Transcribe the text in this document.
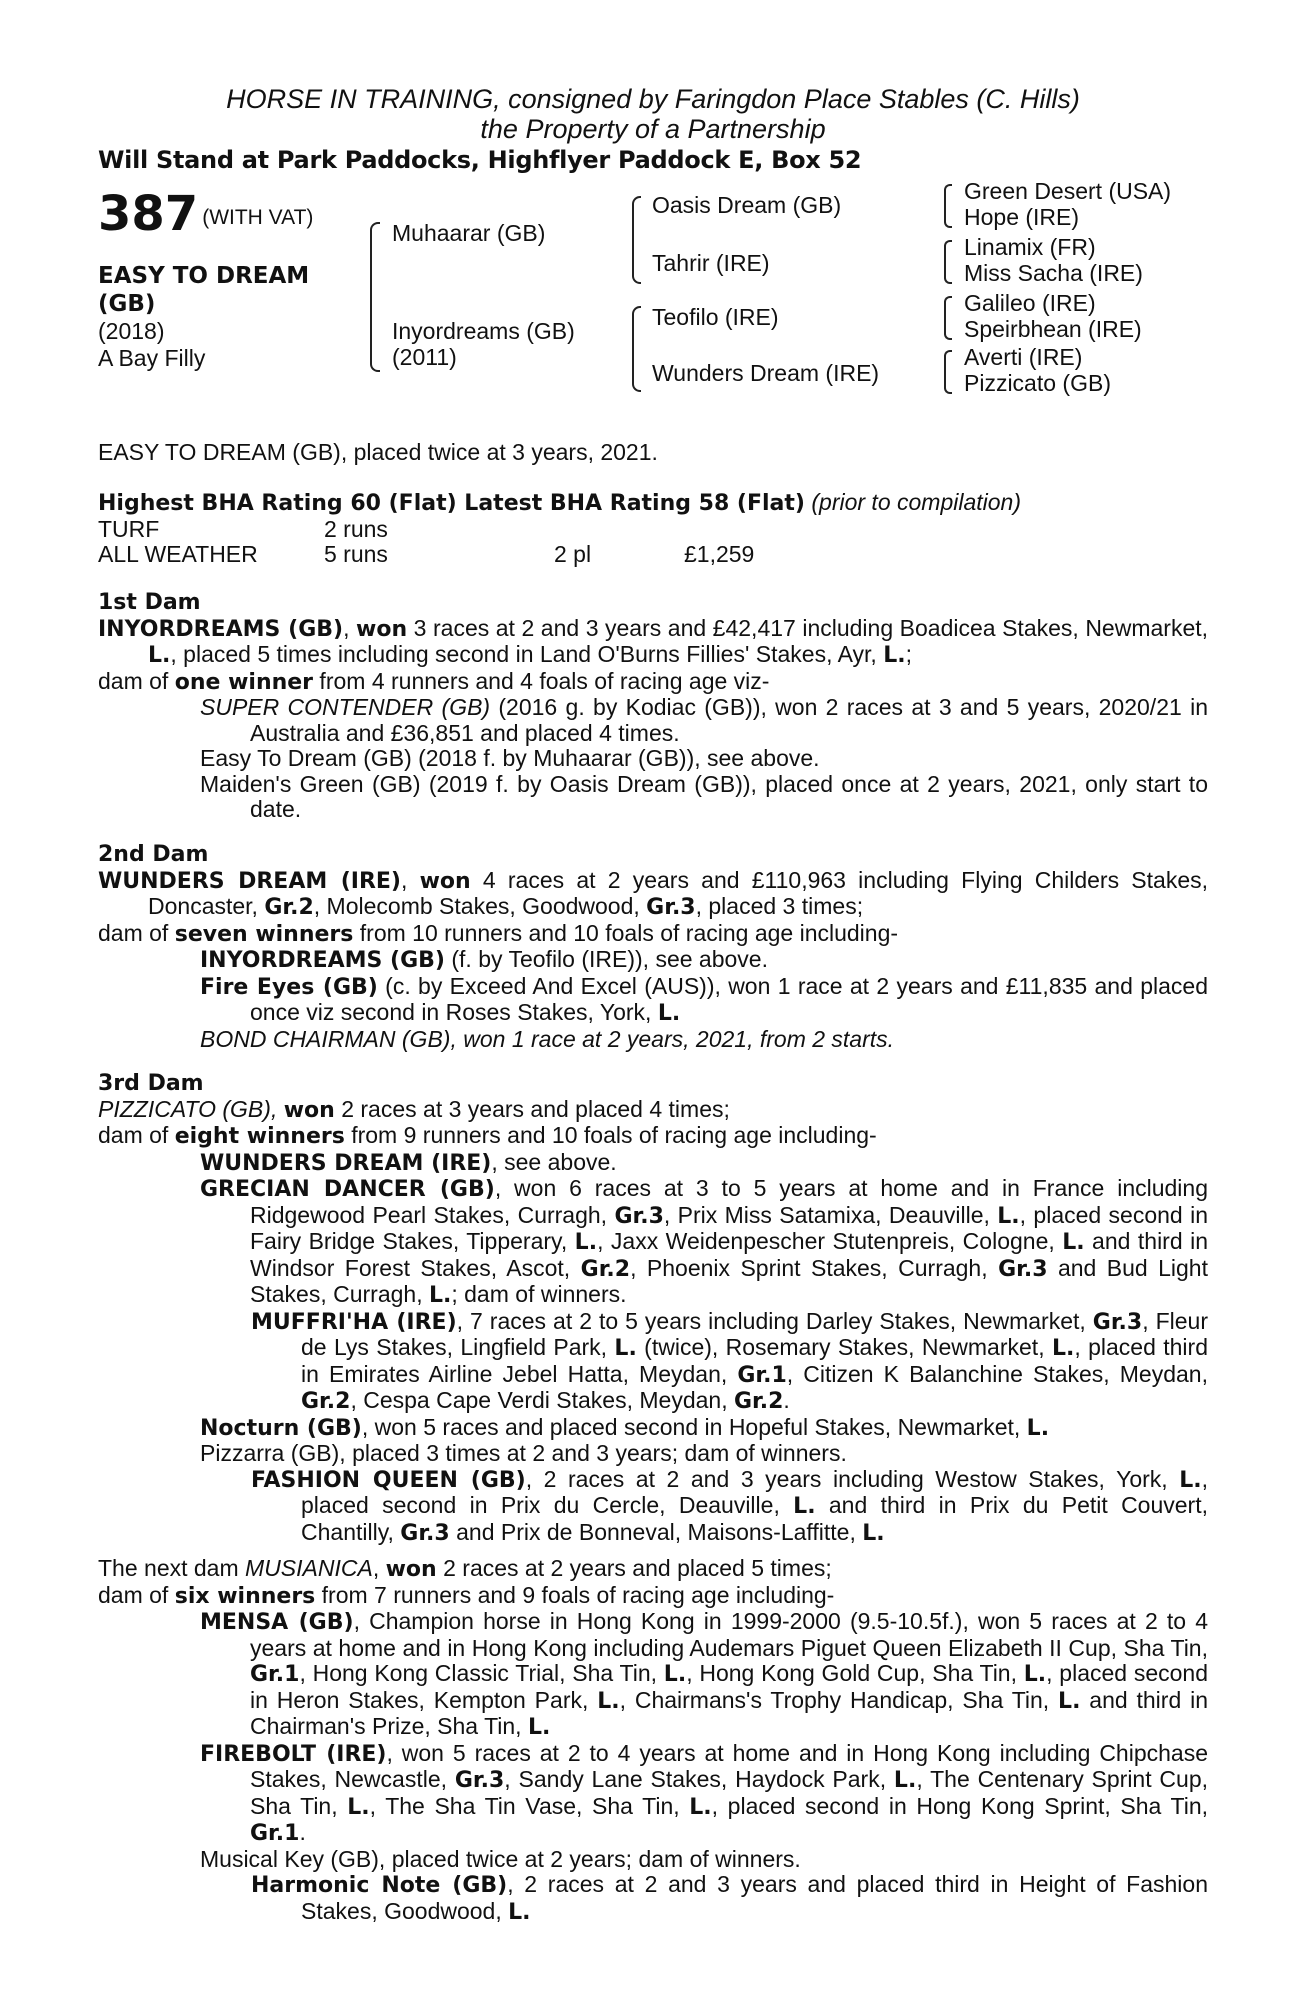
HORSE IN TRAINING, consigned by Faringdon Place Stables (C. Hills)
the Property of a Partnership
Will Stand at Park Paddocks, Highflyer Paddock E, Box 52
387 (WITH VAT)
EASY TO DREAM (GB)
(2018)
A Bay Filly
Muhaarar (GB)
Inyordreams (GB)
(2011)
Oasis Dream (GB)
Tahrir (IRE)
Teofilo (IRE)
Wunders Dream (IRE)
Green Desert (USA)
Hope (IRE)
Linamix (FR)
Miss Sacha (IRE)
Galileo (IRE)
Speirbhean (IRE)
Averti (IRE)
Pizzicato (GB)
EASY TO DREAM (GB), placed twice at 3 years, 2021.

Highest BHA Rating 60 (Flat) Latest BHA Rating 58 (Flat) (prior to compilation)

TURF	2 runs		
ALL WEATHER	5 runs	2 pl	£1,259

1st Dam

INYORDREAMS (GB), won 3 races at 2 and 3 years and £42,417 including Boadicea Stakes, Newmarket, L., placed 5 times including second in Land O'Burns Fillies' Stakes, Ayr, L.;

dam of one winner from 4 runners and 4 foals of racing age viz-

SUPER CONTENDER (GB) (2016 g. by Kodiac (GB)), won 2 races at 3 and 5 years, 2020/21 in Australia and £36,851 and placed 4 times.

Easy To Dream (GB) (2018 f. by Muhaarar (GB)), see above.

Maiden's Green (GB) (2019 f. by Oasis Dream (GB)), placed once at 2 years, 2021, only start to date.

2nd Dam

WUNDERS DREAM (IRE), won 4 races at 2 years and £110,963 including Flying Childers Stakes, Doncaster, Gr.2, Molecomb Stakes, Goodwood, Gr.3, placed 3 times;

dam of seven winners from 10 runners and 10 foals of racing age including-

INYORDREAMS (GB) (f. by Teofilo (IRE)), see above.

Fire Eyes (GB) (c. by Exceed And Excel (AUS)), won 1 race at 2 years and £11,835 and placed once viz second in Roses Stakes, York, L.

BOND CHAIRMAN (GB), won 1 race at 2 years, 2021, from 2 starts.

3rd Dam

PIZZICATO (GB), won 2 races at 3 years and placed 4 times;

dam of eight winners from 9 runners and 10 foals of racing age including-

WUNDERS DREAM (IRE), see above.

GRECIAN DANCER (GB), won 6 races at 3 to 5 years at home and in France including Ridgewood Pearl Stakes, Curragh, Gr.3, Prix Miss Satamixa, Deauville, L., placed second in Fairy Bridge Stakes, Tipperary, L., Jaxx Weidenpescher Stutenpreis, Cologne, L. and third in Windsor Forest Stakes, Ascot, Gr.2, Phoenix Sprint Stakes, Curragh, Gr.3 and Bud Light Stakes, Curragh, L.; dam of winners.

MUFFRI'HA (IRE), 7 races at 2 to 5 years including Darley Stakes, Newmarket, Gr.3, Fleur de Lys Stakes, Lingfield Park, L. (twice), Rosemary Stakes, Newmarket, L., placed third in Emirates Airline Jebel Hatta, Meydan, Gr.1, Citizen K Balanchine Stakes, Meydan, Gr.2, Cespa Cape Verdi Stakes, Meydan, Gr.2.

Nocturn (GB), won 5 races and placed second in Hopeful Stakes, Newmarket, L.

Pizzarra (GB), placed 3 times at 2 and 3 years; dam of winners.

FASHION QUEEN (GB), 2 races at 2 and 3 years including Westow Stakes, York, L., placed second in Prix du Cercle, Deauville, L. and third in Prix du Petit Couvert, Chantilly, Gr.3 and Prix de Bonneval, Maisons-Laffitte, L.

The next dam MUSIANICA, won 2 races at 2 years and placed 5 times;

dam of six winners from 7 runners and 9 foals of racing age including-

MENSA (GB), Champion horse in Hong Kong in 1999-2000 (9.5-10.5f.), won 5 races at 2 to 4 years at home and in Hong Kong including Audemars Piguet Queen Elizabeth II Cup, Sha Tin, Gr.1, Hong Kong Classic Trial, Sha Tin, L., Hong Kong Gold Cup, Sha Tin, L., placed second in Heron Stakes, Kempton Park, L., Chairmans's Trophy Handicap, Sha Tin, L. and third in Chairman's Prize, Sha Tin, L.

FIREBOLT (IRE), won 5 races at 2 to 4 years at home and in Hong Kong including Chipchase Stakes, Newcastle, Gr.3, Sandy Lane Stakes, Haydock Park, L., The Centenary Sprint Cup, Sha Tin, L., The Sha Tin Vase, Sha Tin, L., placed second in Hong Kong Sprint, Sha Tin, Gr.1.

Musical Key (GB), placed twice at 2 years; dam of winners.

Harmonic Note (GB), 2 races at 2 and 3 years and placed third in Height of Fashion Stakes, Goodwood, L.
